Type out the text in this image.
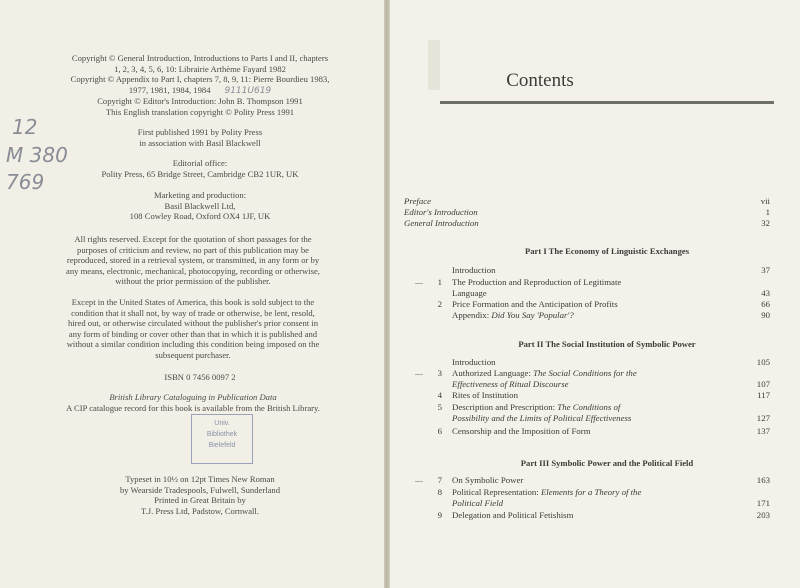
Copyright © General Introduction, Introductions to Parts I and II, chapters
1, 2, 3, 4, 5, 6, 10: Librairie Arthème Fayard 1982
Copyright © Appendix to Part I, chapters 7, 8, 9, 11: Pierre Bourdieu 1983,
1977, 1981, 1984, 1984 9111U619
Copyright © Editor's Introduction: John B. Thompson 1991
This English translation copyright © Polity Press 1991
First published 1991 by Polity Press
in association with Basil Blackwell
Editorial office:
Polity Press, 65 Bridge Street, Cambridge CB2 1UR, UK
Marketing and production:
Basil Blackwell Ltd,
108 Cowley Road, Oxford OX4 1JF, UK
All rights reserved. Except for the quotation of short passages for the
purposes of criticism and review, no part of this publication may be
reproduced, stored in a retrieval system, or transmitted, in any form or by
any means, electronic, mechanical, photocopying, recording or otherwise,
without the prior permission of the publisher.
Except in the United States of America, this book is sold subject to the
condition that it shall not, by way of trade or otherwise, be lent, resold,
hired out, or otherwise circulated without the publisher's prior consent in
any form of binding or cover other than that in which it is published and
without a similar condition including this condition being imposed on the
subsequent purchaser.
ISBN 0 7456 0097 2
British Library Cataloguing in Publication Data
A CIP catalogue record for this book is available from the British Library.
Univ.
Bibliothek
Bielefeld
Typeset in 10½ on 12pt Times New Roman
by Wearside Tradespools, Fulwell, Sunderland
Printed in Great Britain by
T.J. Press Ltd, Padstow, Cornwall.
12
M 380
769
Contents
Preface	vii
Editor's Introduction	1
General Introduction	32
Part I The Economy of Linguistic Exchanges
Introduction	37
1 The Production and Reproduction of Legitimate
Language	43
2 Price Formation and the Anticipation of Profits	66
Appendix: Did You Say 'Popular'?	90
Part II The Social Institution of Symbolic Power
Introduction	105
3 Authorized Language: The Social Conditions for the
Effectiveness of Ritual Discourse	107
4 Rites of Institution	117
5 Description and Prescription: The Conditions of
Possibility and the Limits of Political Effectiveness	127
6 Censorship and the Imposition of Form	137
Part III Symbolic Power and the Political Field
7 On Symbolic Power	163
8 Political Representation: Elements for a Theory of the
Political Field	171
9 Delegation and Political Fetishism	203
